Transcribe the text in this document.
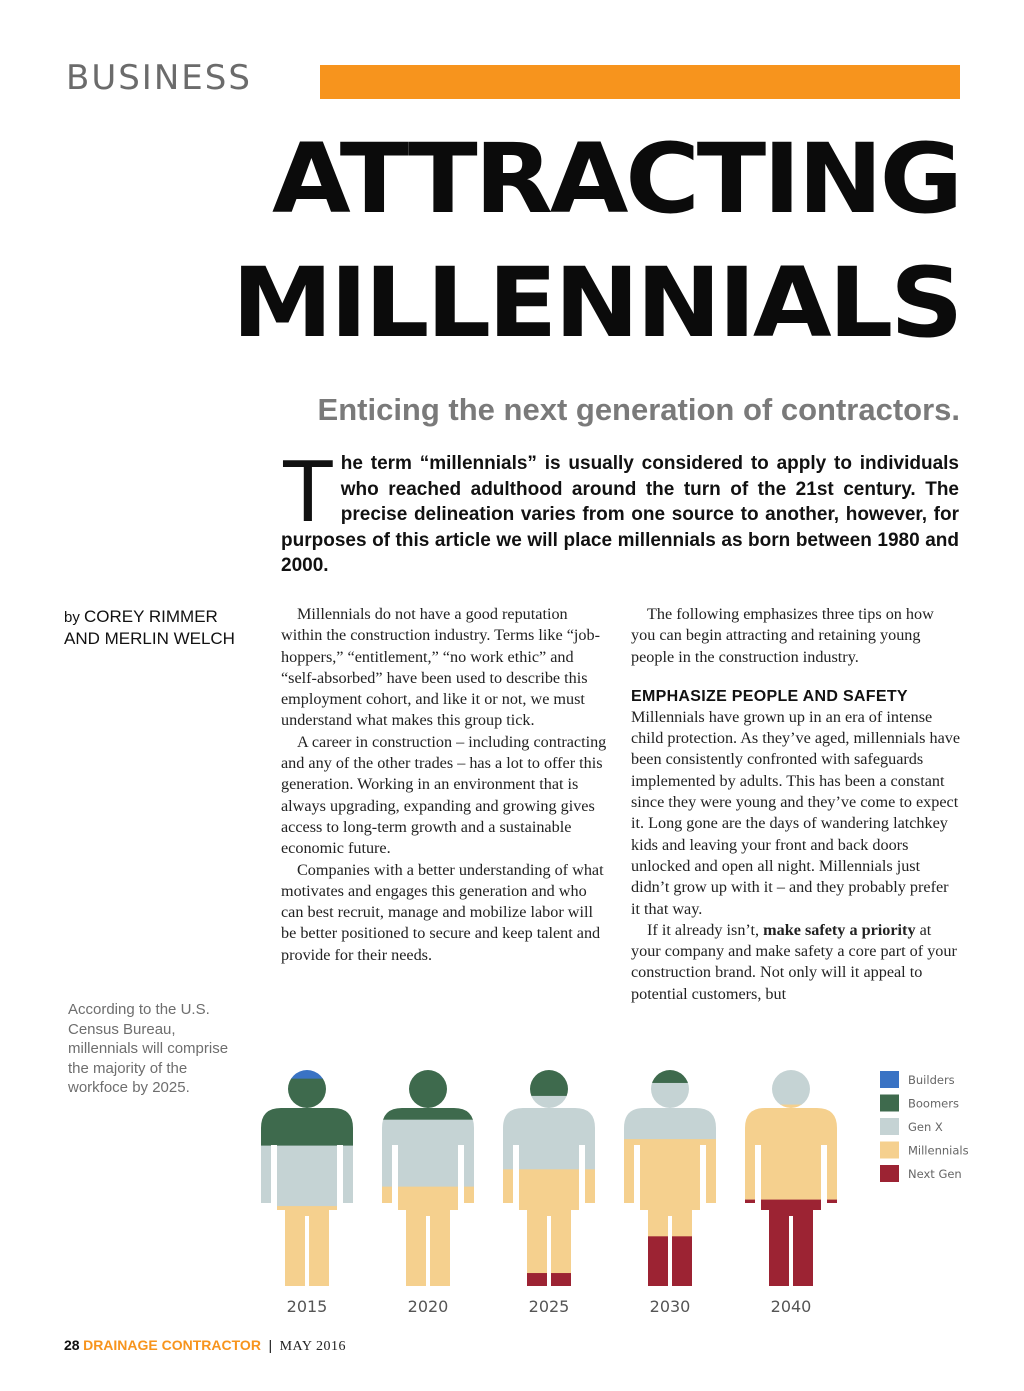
BUSINESS
ATTRACTING
MILLENNIALS
Enticing the next generation of contractors.
T he term “millennials” is usually considered to apply to individuals who reached adulthood around the turn of the 21st century. The precise delineation varies from one source to another, however, for purposes of this article we will place millennials as born between 1980 and 2000.
by COREY RIMMER
AND MERLIN WELCH

Millennials do not have a good reputation within the construction industry. Terms like “job-hoppers,” “entitlement,” “no work ethic” and “self-absorbed” have been used to describe this employment cohort, and like it or not, we must understand what makes this group tick.

A career in construction – including contracting and any of the other trades – has a lot to offer this generation. Working in an environment that is always upgrading, expanding and growing gives access to long-term growth and a sustainable economic future.

Companies with a better understanding of what motivates and engages this generation and who can best recruit, manage and mobilize labor will be better positioned to secure and keep talent and provide for their needs.

The following emphasizes three tips on how you can begin attracting and retaining young people in the construction industry.

EMPHASIZE PEOPLE AND SAFETY

Millennials have grown up in an era of intense child protection. As they’ve aged, millennials have been consistently confronted with safeguards implemented by adults. This has been a constant since they were young and they’ve come to expect it. Long gone are the days of wandering latchkey kids and leaving your front and back doors unlocked and open all night. Millennials just didn’t grow up with it – and they probably prefer it that way.

If it already isn’t, make safety a priority at your company and make safety a core part of your construction brand. Not only will it appeal to potential customers, but

According to the U.S. Census Bureau, millennials will comprise the majority of the workfoce by 2025.
2015	2020	2025	2030	2040
Builders
Boomers
Gen X
Millennials
Next Gen
28 DRAINAGE CONTRACTOR | MAY 2016
